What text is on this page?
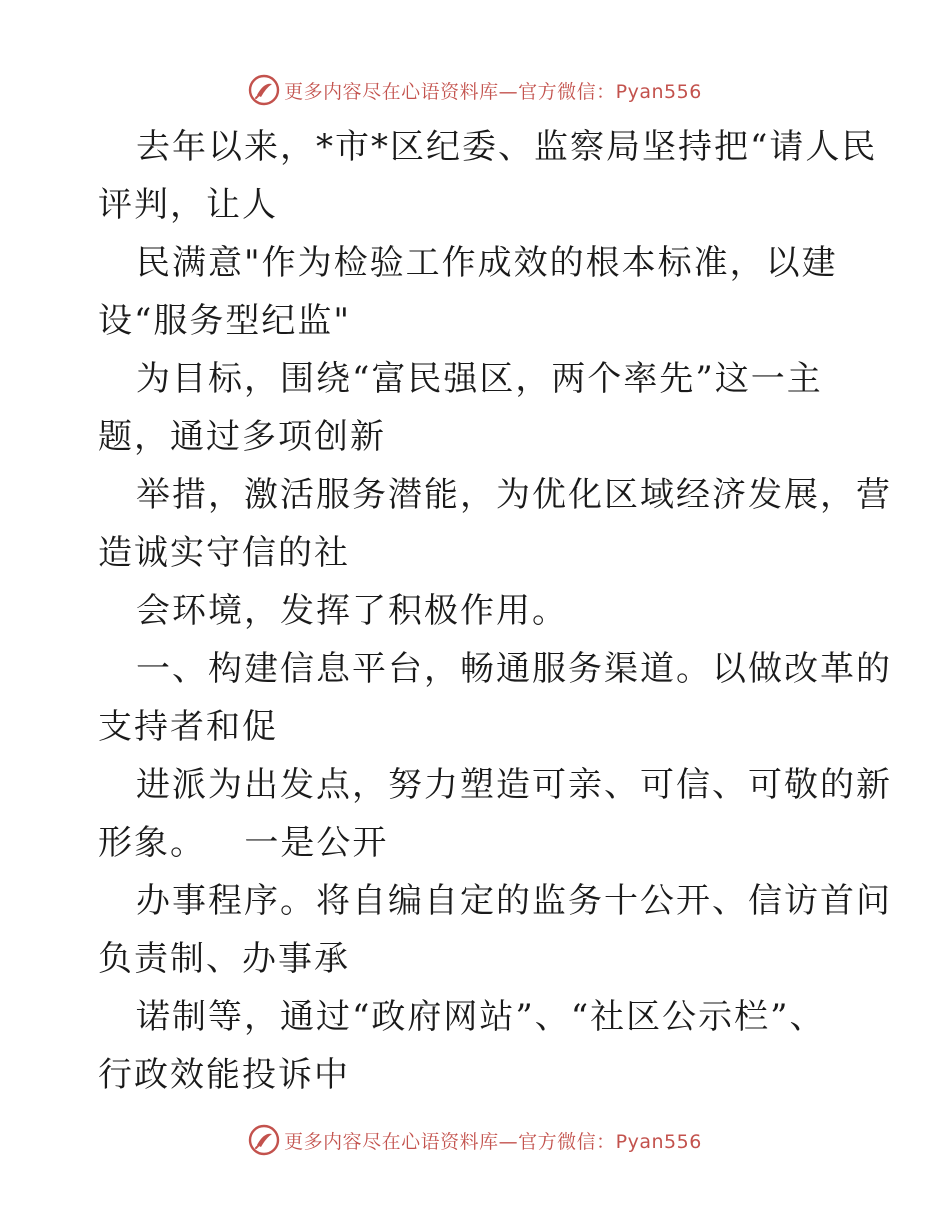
更多内容尽在心语资料库—官方微信：Pyan556
去年以来，*市*区纪委、监察局坚持把“请人民
评判，让人
民满意"作为检验工作成效的根本标准，以建
设“服务型纪监"
为目标，围绕“富民强区，两个率先”这一主
题，通过多项创新
举措，激活服务潜能，为优化区域经济发展，营
造诚实守信的社
会环境，发挥了积极作用。
一、构建信息平台，畅通服务渠道。以做改革的
支持者和促
进派为出发点，努力塑造可亲、可信、可敬的新
形象。   一是公开
办事程序。将自编自定的监务十公开、信访首问
负责制、办事承
诺制等，通过“政府网站”、“社区公示栏”、
行政效能投诉中
更多内容尽在心语资料库—官方微信：Pyan556
